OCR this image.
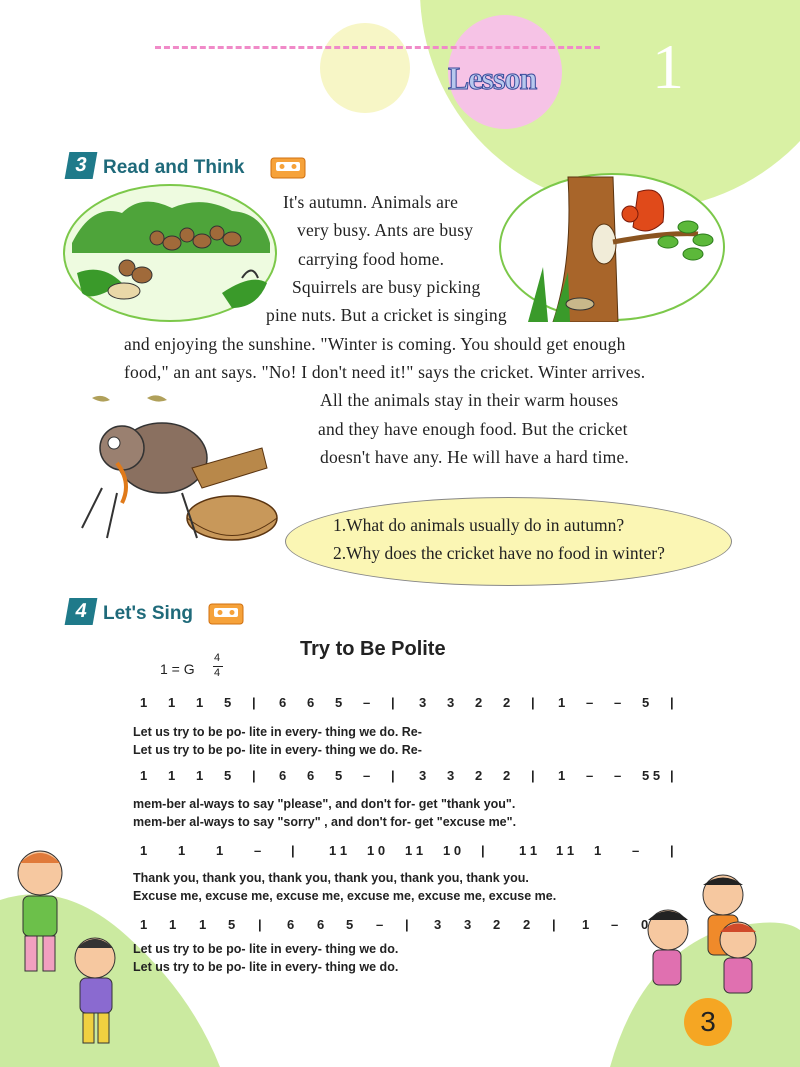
Lesson 1
3 Read and Think
It's autumn. Animals are
very busy. Ants are busy
carrying food home.
Squirrels are busy picking
pine nuts. But a cricket is singing
and enjoying the sunshine. "Winter is coming. You should get enough
food," an ant says. "No! I don't need it!" says the cricket. Winter arrives.
All the animals stay in their warm houses
and they have enough food. But the cricket
doesn't have any. He will have a hard time.
1.What do animals usually do in autumn?
2.Why does the cricket have no food in winter?
4 Let's Sing
Try to Be Polite
1 = G
4
4
1 1 1 5 | 6 6 5 – | 3 3 2 2 | 1 – – 5 |
Let us try to be po- lite in every- thing we do. Re-
Let us try to be po- lite in every- thing we do. Re-
1 1 1 5 | 6 6 5 – | 3 3 2 2 | 1 – – 5 5 |
mem-ber al-ways to say "please", and don't for- get "thank you".
mem-ber al-ways to say "sorry" , and don't for- get "excuse me".
1 1 1 – |	1 1 1 0 1 1 1 0 |	1 1 1 1 1 – |
Thank you, thank you, thank you, thank you, thank you, thank you.
Excuse me, excuse me, excuse me, excuse me, excuse me, excuse me.
1 1 1 5 | 6 6 5 – | 3 3 2 2 | 1 – 0
Let us try to be po- lite in every- thing we do.
Let us try to be po- lite in every- thing we do.
3
